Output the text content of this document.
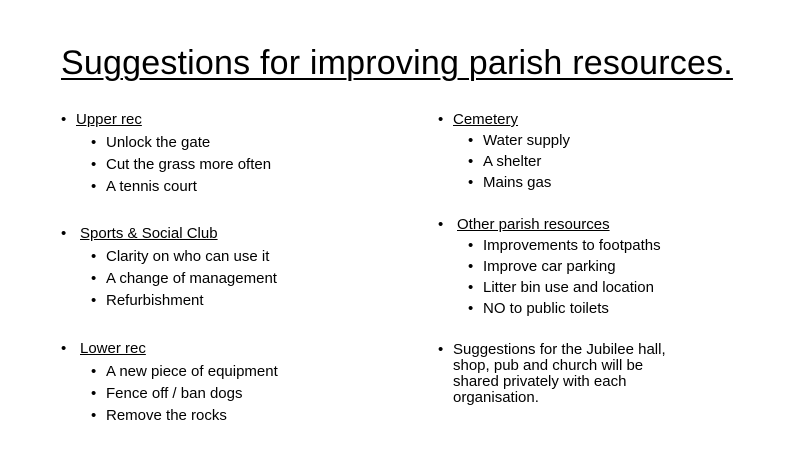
Suggestions for improving parish resources.
• Upper rec
• Unlock the gate
• Cut the grass more often
• A tennis court
• Sports & Social Club
• Clarity on who can use it
• A change of management
• Refurbishment
• Lower rec
• A new piece of equipment
• Fence off / ban dogs
• Remove the rocks
• Cemetery
• Water supply
• A shelter
• Mains gas
• Other parish resources
• Improvements to footpaths
• Improve car parking
• Litter bin use and location
• NO to public toilets
• Suggestions for the Jubilee hall, shop, pub and church will be shared privately with each organisation.
